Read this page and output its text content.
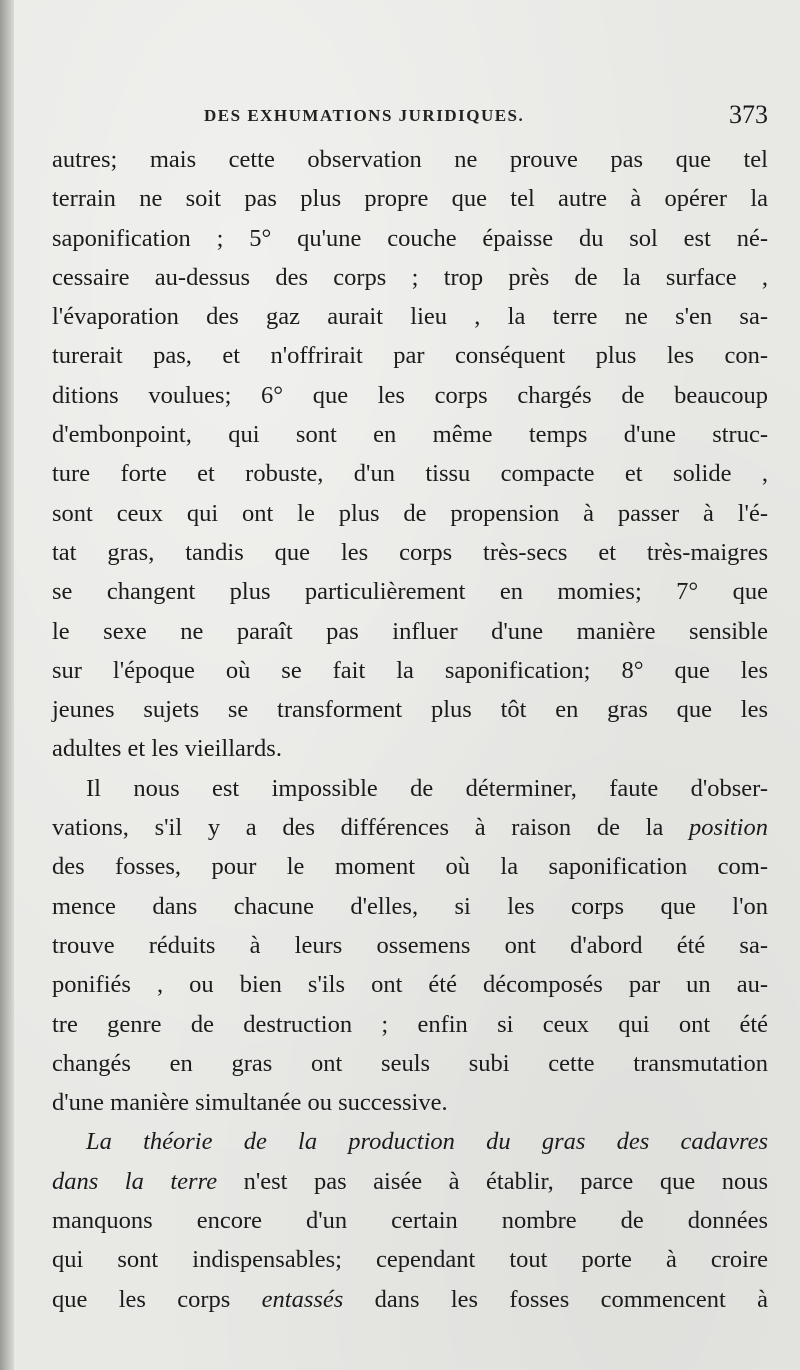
DES EXHUMATIONS JURIDIQUES.	373
autres; mais cette observation ne prouve pas que tel
terrain ne soit pas plus propre que tel autre à opérer la
saponification ; 5° qu'une couche épaisse du sol est né-
cessaire au-dessus des corps ; trop près de la surface ,
l'évaporation des gaz aurait lieu , la terre ne s'en sa-
turerait pas, et n'offrirait par conséquent plus les con-
ditions voulues; 6° que les corps chargés de beaucoup
d'embonpoint, qui sont en même temps d'une struc-
ture forte et robuste, d'un tissu compacte et solide ,
sont ceux qui ont le plus de propension à passer à l'é-
tat gras, tandis que les corps très-secs et très-maigres
se changent plus particulièrement en momies; 7° que
le sexe ne paraît pas influer d'une manière sensible
sur l'époque où se fait la saponification; 8° que les
jeunes sujets se transforment plus tôt en gras que les
adultes et les vieillards.
Il nous est impossible de déterminer, faute d'obser-
vations, s'il y a des différences à raison de la position
des fosses, pour le moment où la saponification com-
mence dans chacune d'elles, si les corps que l'on
trouve réduits à leurs ossemens ont d'abord été sa-
ponifiés , ou bien s'ils ont été décomposés par un au-
tre genre de destruction ; enfin si ceux qui ont été
changés en gras ont seuls subi cette transmutation
d'une manière simultanée ou successive.
La théorie de la production du gras des cadavres
dans la terre n'est pas aisée à établir, parce que nous
manquons encore d'un certain nombre de données
qui sont indispensables; cependant tout porte à croire
que les corps entassés dans les fosses commencent à
